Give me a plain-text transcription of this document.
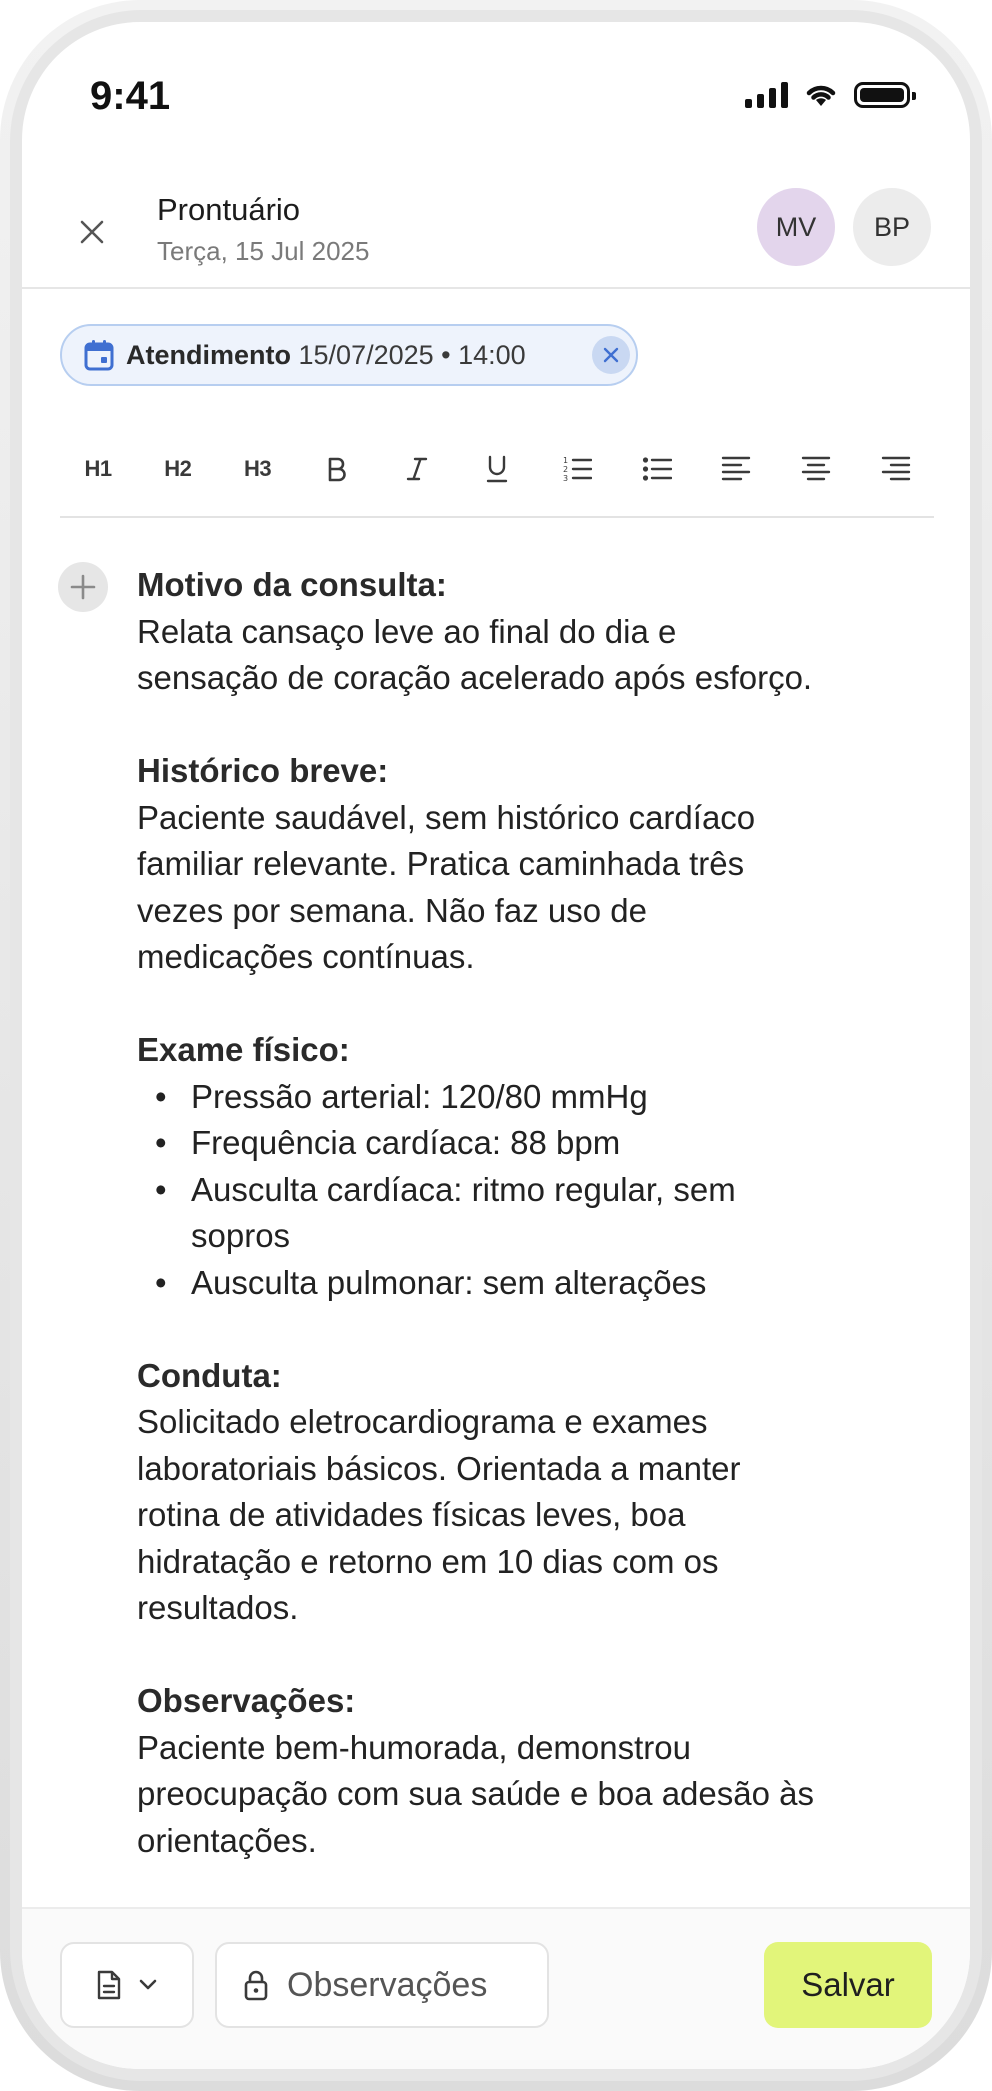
9:41
Prontuário
Terça, 15 Jul 2025
MV	BP
Atendimento 15/07/2025 • 14:00
H1 H2 H3	1
2
3
Motivo da consulta:

Relata cansaço leve ao final do dia e

sensação de coração acelerado após esforço.

Histórico breve:

Paciente saudável, sem histórico cardíaco

familiar relevante. Pratica caminhada três

vezes por semana. Não faz uso de

medicações contínuas.

Exame físico:
• Pressão arterial: 120/80 mmHg
• Frequência cardíaca: 88 bpm
• Ausculta cardíaca: ritmo regular, sem
sopros
• Ausculta pulmonar: sem alterações
Conduta:

Solicitado eletrocardiograma e exames

laboratoriais básicos. Orientada a manter

rotina de atividades físicas leves, boa

hidratação e retorno em 10 dias com os

resultados.

Observações:

Paciente bem-humorada, demonstrou

preocupação com sua saúde e boa adesão às

orientações.

Observações	Salvar
